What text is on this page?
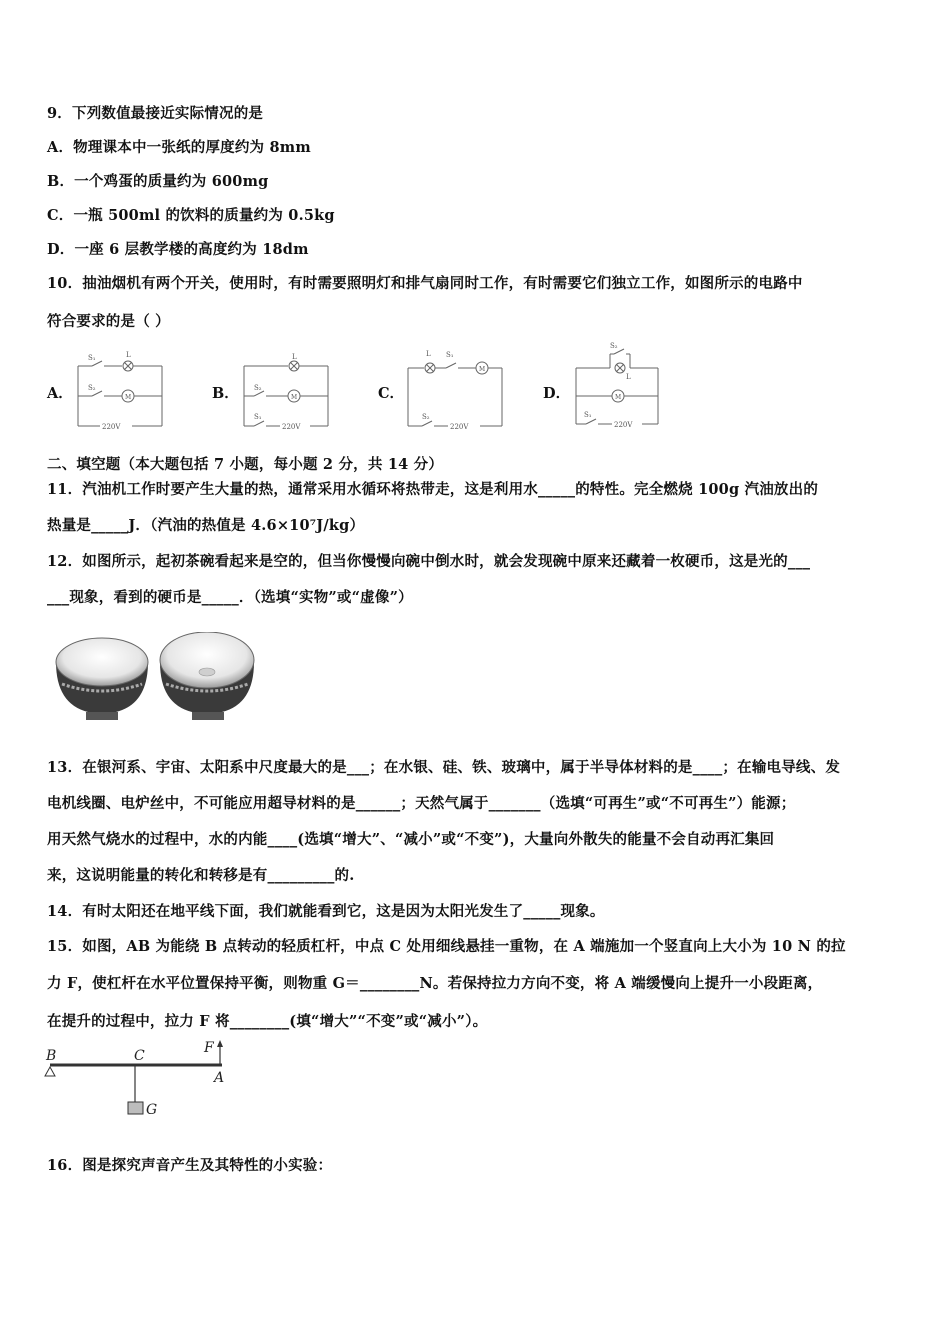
9．下列数值最接近实际情况的是
A．物理课本中一张纸的厚度约为 8mm
B．一个鸡蛋的质量约为 600mg
C．一瓶 500ml 的饮料的质量约为 0.5kg
D．一座 6 层教学楼的高度约为 18dm
10．抽油烟机有两个开关，使用时，有时需要照明灯和排气扇同时工作，有时需要它们独立工作，如图所示的电路中
符合要求的是（ ）
A．	B．	C．	D．
S₁	L
S₂
M
220V
L
S₂
M
S₁
220V
L S₁
M
S₂
220V
S₂
L
M
S₁
220V
二、填空题（本大题包括 7 小题，每小题 2 分，共 14 分）
11．汽油机工作时要产生大量的热，通常采用水循环将热带走，这是利用水_____的特性。完全燃烧 100g 汽油放出的
热量是_____J．（汽油的热值是 4.6×10⁷J/kg）
12．如图所示，起初茶碗看起来是空的，但当你慢慢向碗中倒水时，就会发现碗中原来还藏着一枚硬币，这是光的___
___现象，看到的硬币是_____．（选填“实物”或“虚像”）
13．在银河系、宇宙、太阳系中尺度最大的是___；在水银、硅、铁、玻璃中，属于半导体材料的是____；在输电导线、发
电机线圈、电炉丝中，不可能应用超导材料的是______；天然气属于_______（选填“可再生”或“不可再生”）能源；
用天然气烧水的过程中，水的内能____(选填“增大”、“减小”或“不变”)，大量向外散失的能量不会自动再汇集回
来，这说明能量的转化和转移是有_________的.
14．有时太阳还在地平线下面，我们就能看到它，这是因为太阳光发生了_____现象。
15．如图，AB 为能绕 B 点转动的轻质杠杆，中点 C 处用细线悬挂一重物，在 A 端施加一个竖直向上大小为 10 N 的拉
力 F，使杠杆在水平位置保持平衡，则物重 G＝________N。若保持拉力方向不变，将 A 端缓慢向上提升一小段距离，
在提升的过程中，拉力 F 将________(填“增大”“不变”或“减小”）。
B	C	F
A
G
16．图是探究声音产生及其特性的小实验：
